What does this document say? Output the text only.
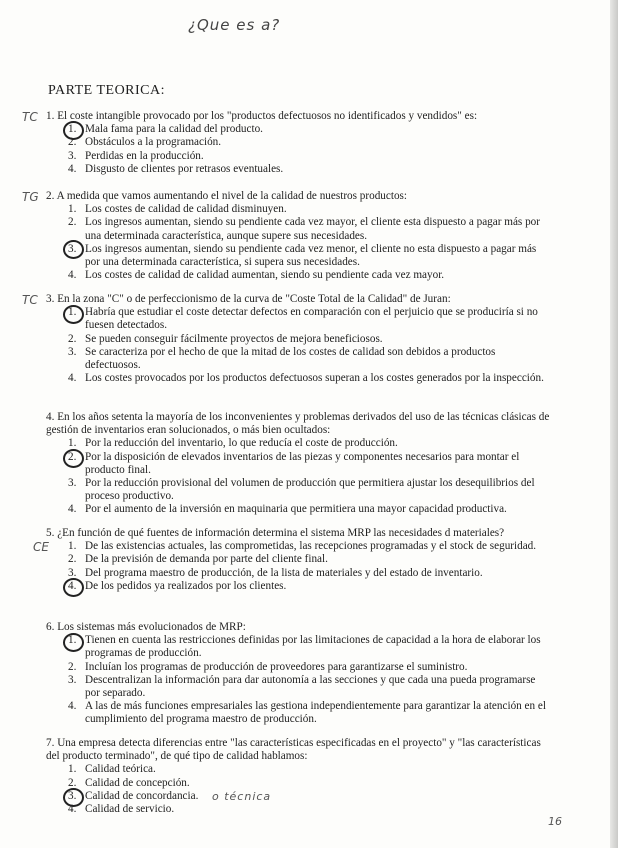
¿Que es a?
PARTE TEORICA:
TC
TG
TC
CE

1. El coste intangible provocado por los "productos defectuosos no identificados y vendidos" es:

1. Mala fama para la calidad del producto.
2. Obstáculos a la programación.
3. Perdidas en la producción.
4. Disgusto de clientes por retrasos eventuales.

2. A medida que vamos aumentando el nivel de la calidad de nuestros productos:

1. Los costes de calidad de calidad disminuyen.
2. Los ingresos aumentan, siendo su pendiente cada vez mayor, el cliente esta dispuesto a pagar más por una determinada característica, aunque supere sus necesidades.
3. Los ingresos aumentan, siendo su pendiente cada vez menor, el cliente no esta dispuesto a pagar más por una determinada característica, si supera sus necesidades.
4. Los costes de calidad de calidad aumentan, siendo su pendiente cada vez mayor.

3. En la zona "C" o de perfeccionismo de la curva de "Coste Total de la Calidad" de Juran:

1. Habría que estudiar el coste detectar defectos en comparación con el perjuicio que se produciría si no fuesen detectados.
2. Se pueden conseguir fácilmente proyectos de mejora beneficiosos.
3. Se caracteriza por el hecho de que la mitad de los costes de calidad son debidos a productos defectuosos.
4. Los costes provocados por los productos defectuosos superan a los costes generados por la inspección.

4. En los años setenta la mayoría de los inconvenientes y problemas derivados del uso de las técnicas clásicas de gestión de inventarios eran solucionados, o más bien ocultados:

1. Por la reducción del inventario, lo que reducía el coste de producción.
2. Por la disposición de elevados inventarios de las piezas y componentes necesarios para montar el producto final.
3. Por la reducción provisional del volumen de producción que permitiera ajustar los desequilibrios del proceso productivo.
4. Por el aumento de la inversión en maquinaria que permitiera una mayor capacidad productiva.

5. ¿En función de qué fuentes de información determina el sistema MRP las necesidades d materiales?

1. De las existencias actuales, las comprometidas, las recepciones programadas y el stock de seguridad.
2. De la previsión de demanda por parte del cliente final.
3. Del programa maestro de producción, de la lista de materiales y del estado de inventario.
4. De los pedidos ya realizados por los clientes.

6. Los sistemas más evolucionados de MRP:

1. Tienen en cuenta las restricciones definidas por las limitaciones de capacidad a la hora de elaborar los programas de producción.
2. Incluían los programas de producción de proveedores para garantizarse el suministro.
3. Descentralizan la información para dar autonomía a las secciones y que cada una pueda programarse por separado.
4. A las de más funciones empresariales las gestiona independientemente para garantizar la atención en el cumplimiento del programa maestro de producción.

7. Una empresa detecta diferencias entre "las características especificadas en el proyecto" y "las características del producto terminado", de qué tipo de calidad hablamos:

1. Calidad teórica.
2. Calidad de concepción.
3. Calidad de concordancia.
4. Calidad de servicio.
o técnica
16
